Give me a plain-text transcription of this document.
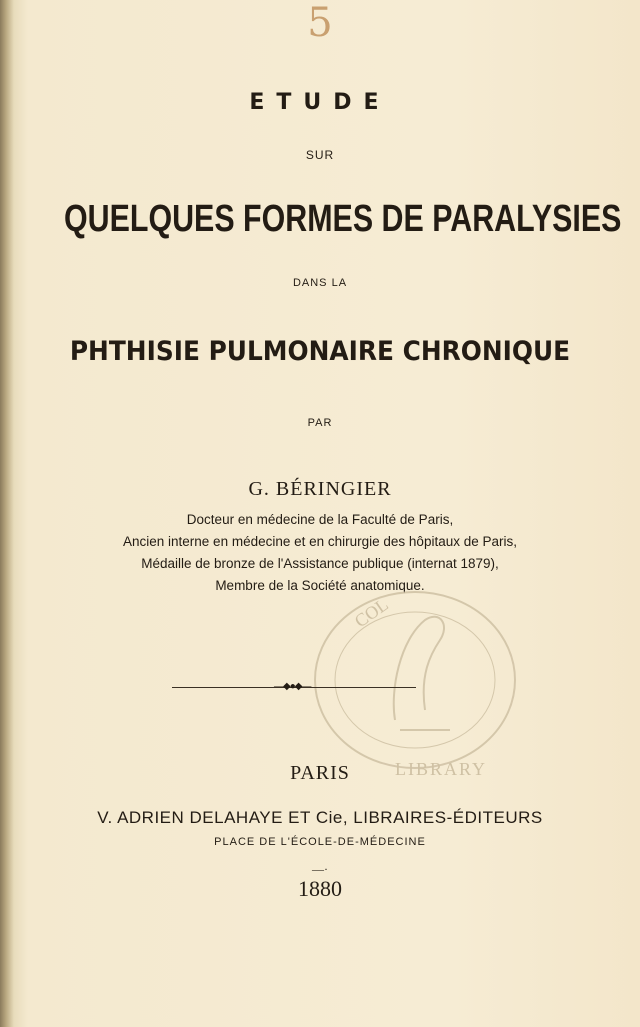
5
ETUDE
SUR
QUELQUES FORMES DE PARALYSIES
DANS LA
PHTHISIE PULMONAIRE CHRONIQUE
PAR
G. BÉRINGIER
Docteur en médecine de la Faculté de Paris,
Ancien interne en médecine et en chirurgie des hôpitaux de Paris,
Médaille de bronze de l'Assistance publique (internat 1879),
Membre de la Société anatomique.
COL
LIBRARY
—◆●◆—
PARIS
V. ADRIEN DELAHAYE ET Cie, LIBRAIRES-ÉDITEURS
PLACE DE L'ÉCOLE-DE-MÉDECINE
—·
1880
